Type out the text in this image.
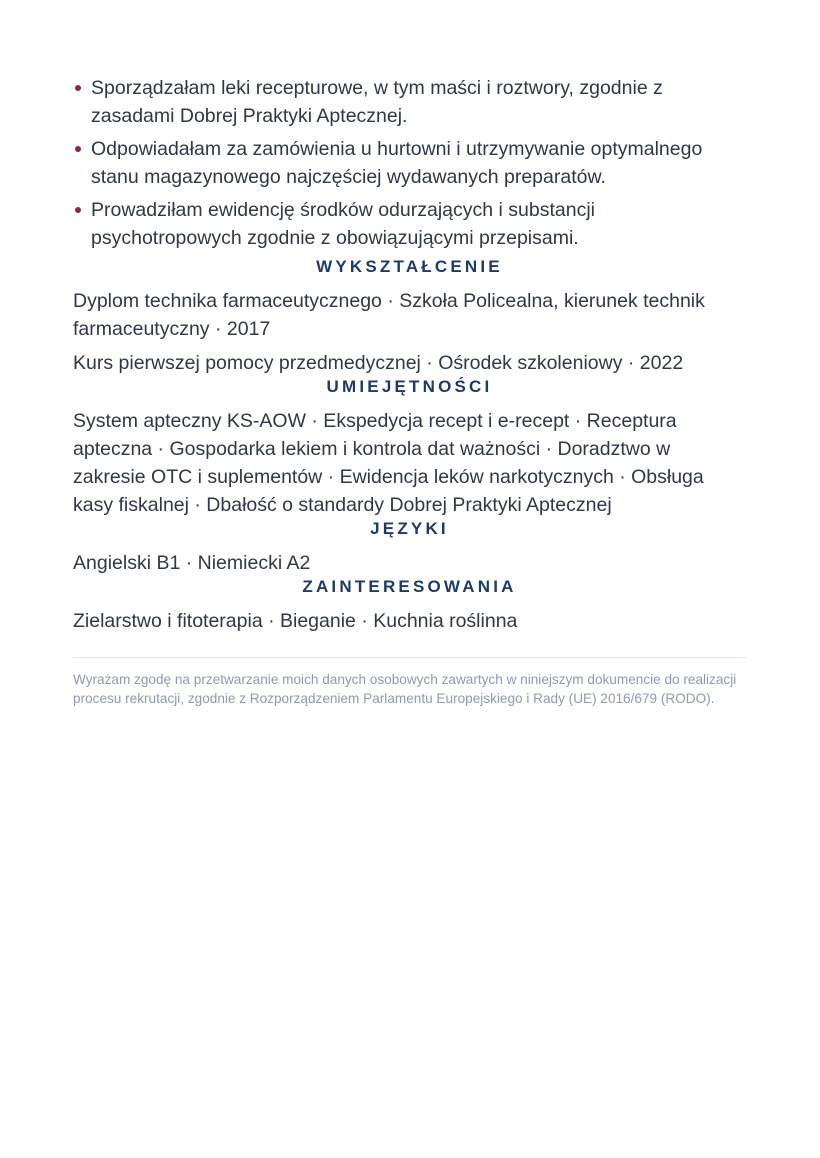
Sporządzałam leki recepturowe, w tym maści i roztwory, zgodnie z zasadami Dobrej Praktyki Aptecznej.
Odpowiadałam za zamówienia u hurtowni i utrzymywanie optymalnego stanu magazynowego najczęściej wydawanych preparatów.
Prowadziłam ewidencję środków odurzających i substancji psychotropowych zgodnie z obowiązującymi przepisami.
WYKSZTAŁCENIE
Dyplom technika farmaceutycznego · Szkoła Policealna, kierunek technik farmaceutyczny · 2017
Kurs pierwszej pomocy przedmedycznej · Ośrodek szkoleniowy · 2022
UMIEJĘTNOŚCI
System apteczny KS-AOW · Ekspedycja recept i e-recept · Receptura apteczna · Gospodarka lekiem i kontrola dat ważności · Doradztwo w zakresie OTC i suplementów · Ewidencja leków narkotycznych · Obsługa kasy fiskalnej · Dbałość o standardy Dobrej Praktyki Aptecznej
JĘZYKI
Angielski B1 · Niemiecki A2
ZAINTERESOWANIA
Zielarstwo i fitoterapia · Bieganie · Kuchnia roślinna
Wyrażam zgodę na przetwarzanie moich danych osobowych zawartych w niniejszym dokumencie do realizacji procesu rekrutacji, zgodnie z Rozporządzeniem Parlamentu Europejskiego i Rady (UE) 2016/679 (RODO).
